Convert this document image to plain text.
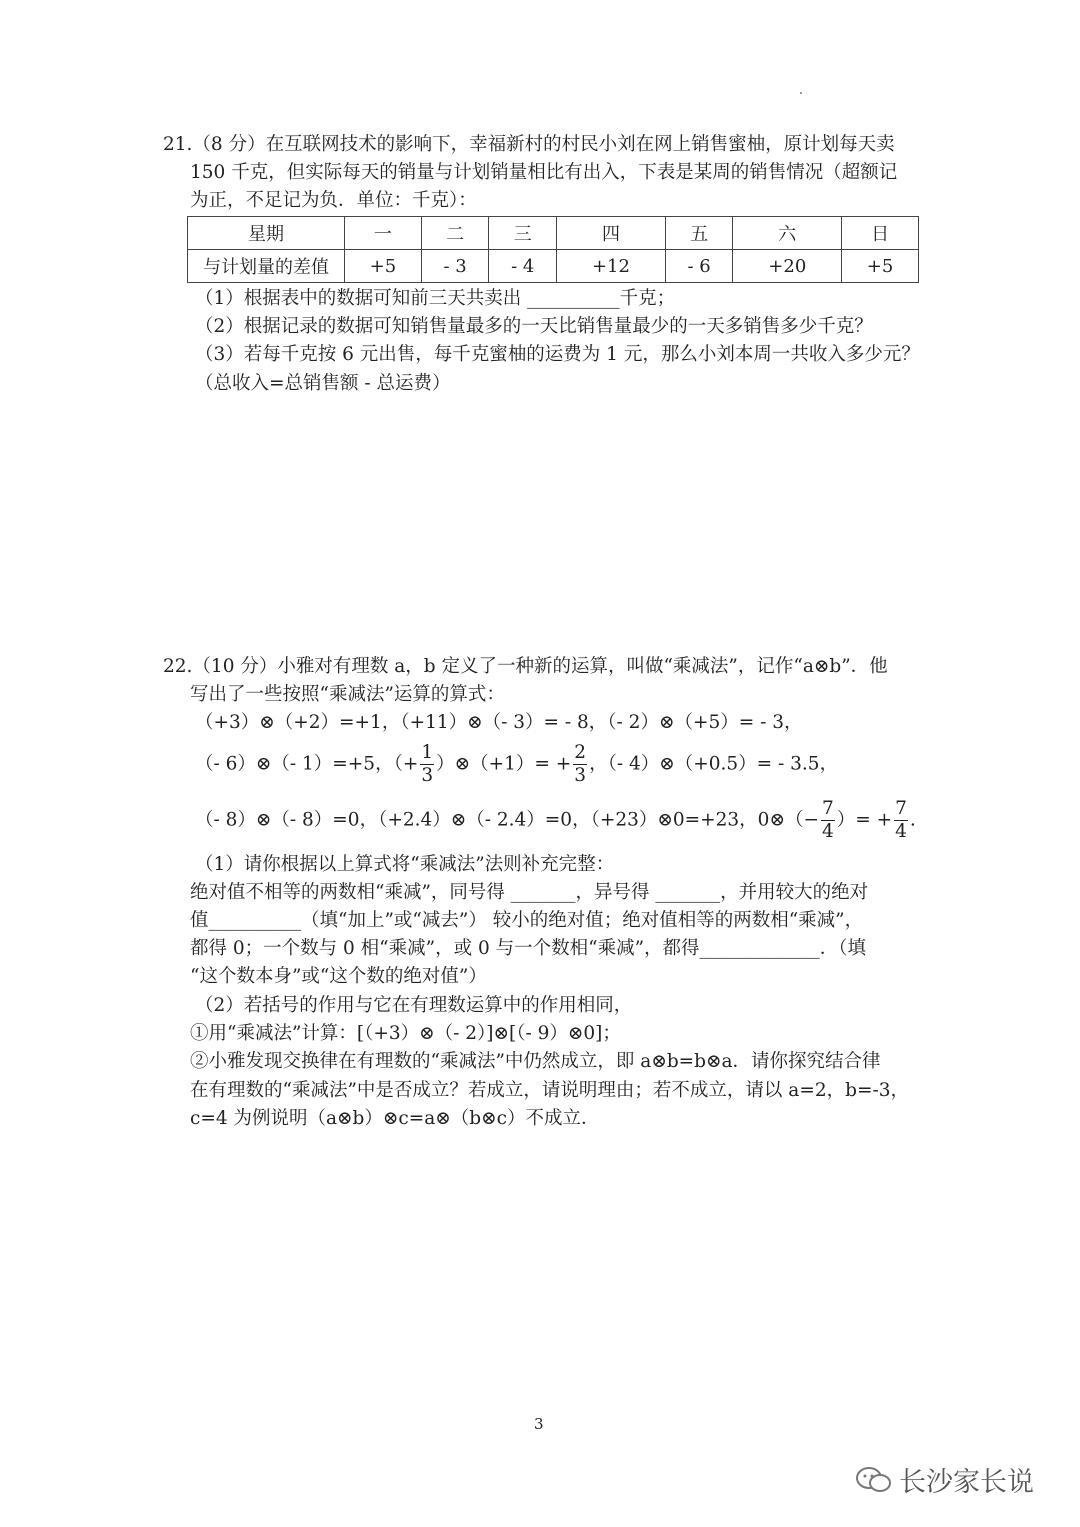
21.（8 分）在互联网技术的影响下，幸福新村的村民小刘在网上销售蜜柚，原计划每天卖
150 千克，但实际每天的销量与计划销量相比有出入，下表是某周的销售情况（超额记
为正，不足记为负．单位：千克）：
星期	一	二	三	四	五	六	日
与计划量的差值	+5	- 3	- 4	+12	- 6	+20	+5
（1）根据表中的数据可知前三天共卖出 __________千克；
（2）根据记录的数据可知销售量最多的一天比销售量最少的一天多销售多少千克？
（3）若每千克按 6 元出售，每千克蜜柚的运费为 1 元，那么小刘本周一共收入多少元？
（总收入=总销售额 - 总运费）
22.（10 分）小雅对有理数 a，b 定义了一种新的运算，叫做“乘减法”，记作“a⊗b”．他
写出了一些按照“乘减法”运算的算式：
（+3）⊗（+2）=+1，（+11）⊗（- 3）= - 8，（- 2）⊗（+5）= - 3，
（- 6）⊗（- 1）=+5，（+ $\frac{1}{3}$ ）⊗（+1）= + $\frac{2}{3}$ ，（- 4）⊗（+0.5）= - 3.5，
（- 8）⊗（- 8）=0，（+2.4）⊗（- 2.4）=0，（+23）⊗0=+23，0⊗（− $\frac{7}{4}$ ）= + $\frac{7}{4}$ .
（1）请你根据以上算式将“乘减法”法则补充完整：
绝对值不相等的两数相“乘减”，同号得 _______，异号得 _______，并用较大的绝对
值__________（填“加上”或“减去”） 较小的绝对值；绝对值相等的两数相“乘减”，
都得 0；一个数与 0 相“乘减”，或 0 与一个数相“乘减”，都得_____________．（填
“这个数本身”或“这个数的绝对值”）
（2）若括号的作用与它在有理数运算中的作用相同，
①用“乘减法”计算：[（+3）⊗（- 2）]⊗[（- 9）⊗0]；
②小雅发现交换律在有理数的“乘减法”中仍然成立，即 a⊗b=b⊗a．请你探究结合律
在有理数的“乘减法”中是否成立？若成立，请说明理由；若不成立，请以 a=2，b=-3，
c=4 为例说明（a⊗b）⊗c=a⊗（b⊗c）不成立．
3
长沙家长说
